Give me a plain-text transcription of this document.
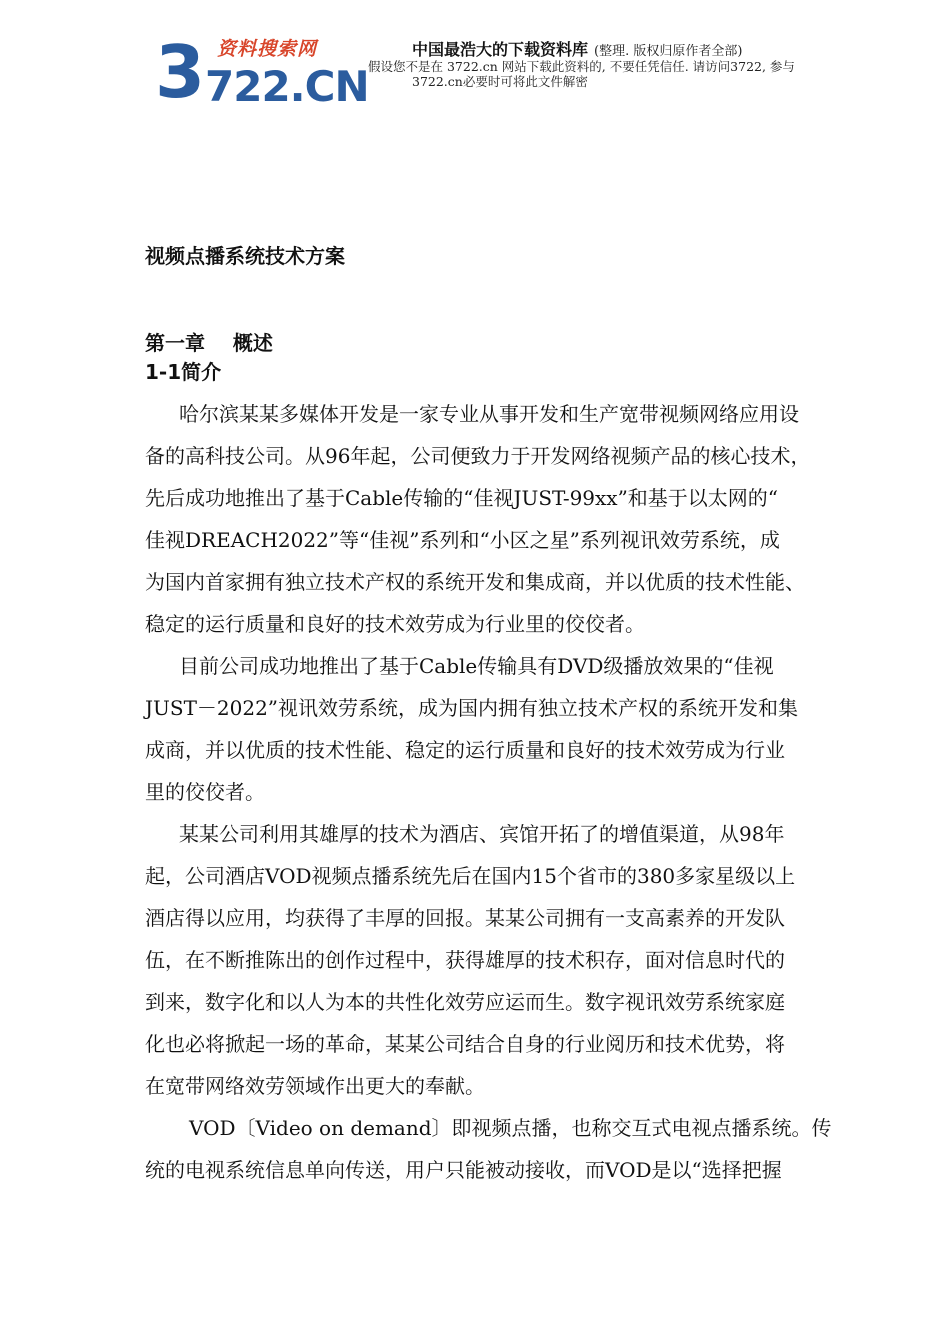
3 资料搜索网
722.CN
中国最浩大的下载资料库 (整理. 版权归原作者全部)
假设您不是在 3722.cn 网站下载此资料的, 不要任凭信任. 请访问3722, 参与
3722.cn必要时可将此文件解密
视频点播系统技术方案
第一章    概述
1-1简介
哈尔滨某某多媒体开发是一家专业从事开发和生产宽带视频网络应用设
备的高科技公司。从96年起，公司便致力于开发网络视频产品的核心技术，
先后成功地推出了基于Cable传输的“佳视JUST-99xx”和基于以太网的“
佳视DREACH2022”等“佳视”系列和“小区之星”系列视讯效劳系统，成
为国内首家拥有独立技术产权的系统开发和集成商，并以优质的技术性能、
稳定的运行质量和良好的技术效劳成为行业里的佼佼者。
目前公司成功地推出了基于Cable传输具有DVD级播放效果的“佳视
JUST－2022”视讯效劳系统，成为国内拥有独立技术产权的系统开发和集
成商，并以优质的技术性能、稳定的运行质量和良好的技术效劳成为行业
里的佼佼者。
某某公司利用其雄厚的技术为酒店、宾馆开拓了的增值渠道，从98年
起，公司酒店VOD视频点播系统先后在国内15个省市的380多家星级以上
酒店得以应用，均获得了丰厚的回报。某某公司拥有一支高素养的开发队
伍，在不断推陈出的创作过程中，获得雄厚的技术积存，面对信息时代的
到来，数字化和以人为本的共性化效劳应运而生。数字视讯效劳系统家庭
化也必将掀起一场的革命，某某公司结合自身的行业阅历和技术优势，将
在宽带网络效劳领域作出更大的奉献。
VOD〔Video on demand〕即视频点播，也称交互式电视点播系统。传
统的电视系统信息单向传送，用户只能被动接收，而VOD是以“选择把握
